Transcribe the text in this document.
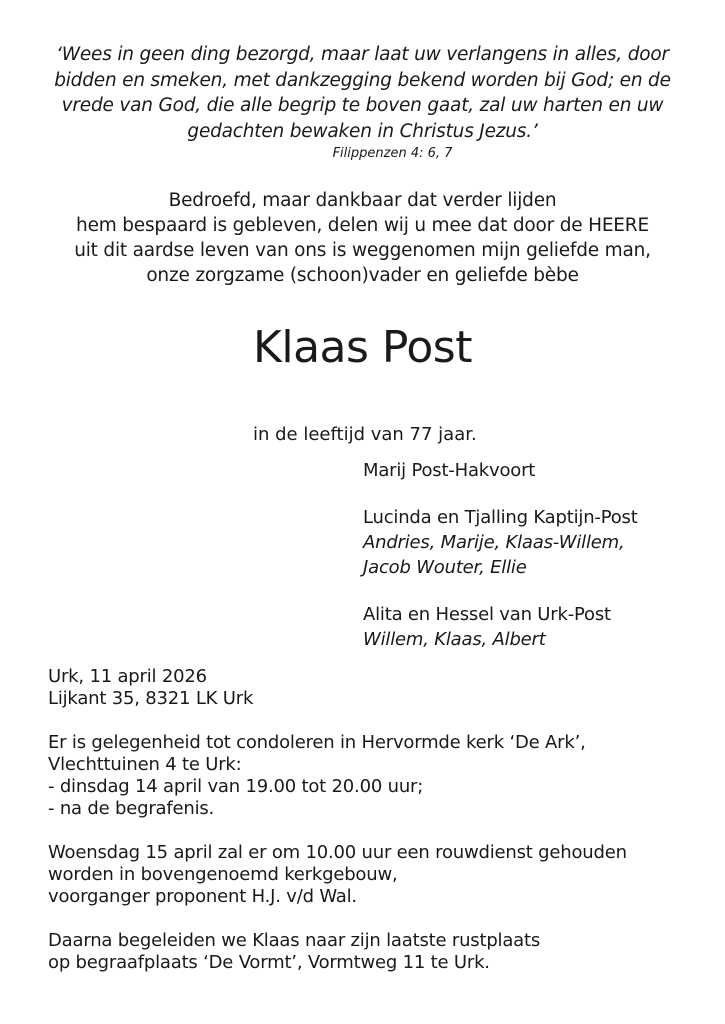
‘Wees in geen ding bezorgd, maar laat uw verlangens in alles, door

bidden en smeken, met dankzegging bekend worden bij God; en de

vrede van God, die alle begrip te boven gaat, zal uw harten en uw

gedachten bewaken in Christus Jezus.’

Filippenzen 4: 6, 7

Bedroefd, maar dankbaar dat verder lijden

hem bespaard is gebleven, delen wij u mee dat door de HEERE

uit dit aardse leven van ons is weggenomen mijn geliefde man,

onze zorgzame (schoon)vader en geliefde bèbe

Klaas Post
in de leeftijd van 77 jaar.

Marij Post-Hakvoort

Lucinda en Tjalling Kaptijn-Post

Andries, Marije, Klaas-Willem,

Jacob Wouter, Ellie

Alita en Hessel van Urk-Post

Willem, Klaas, Albert

Urk, 11 april 2026

Lijkant 35, 8321 LK Urk

Er is gelegenheid tot condoleren in Hervormde kerk ‘De Ark’,

Vlechttuinen 4 te Urk:

- dinsdag 14 april van 19.00 tot 20.00 uur;

- na de begrafenis.

Woensdag 15 april zal er om 10.00 uur een rouwdienst gehouden

worden in bovengenoemd kerkgebouw,

voorganger proponent H.J. v/d Wal.

Daarna begeleiden we Klaas naar zijn laatste rustplaats

op begraafplaats ‘De Vormt’, Vormtweg 11 te Urk.
